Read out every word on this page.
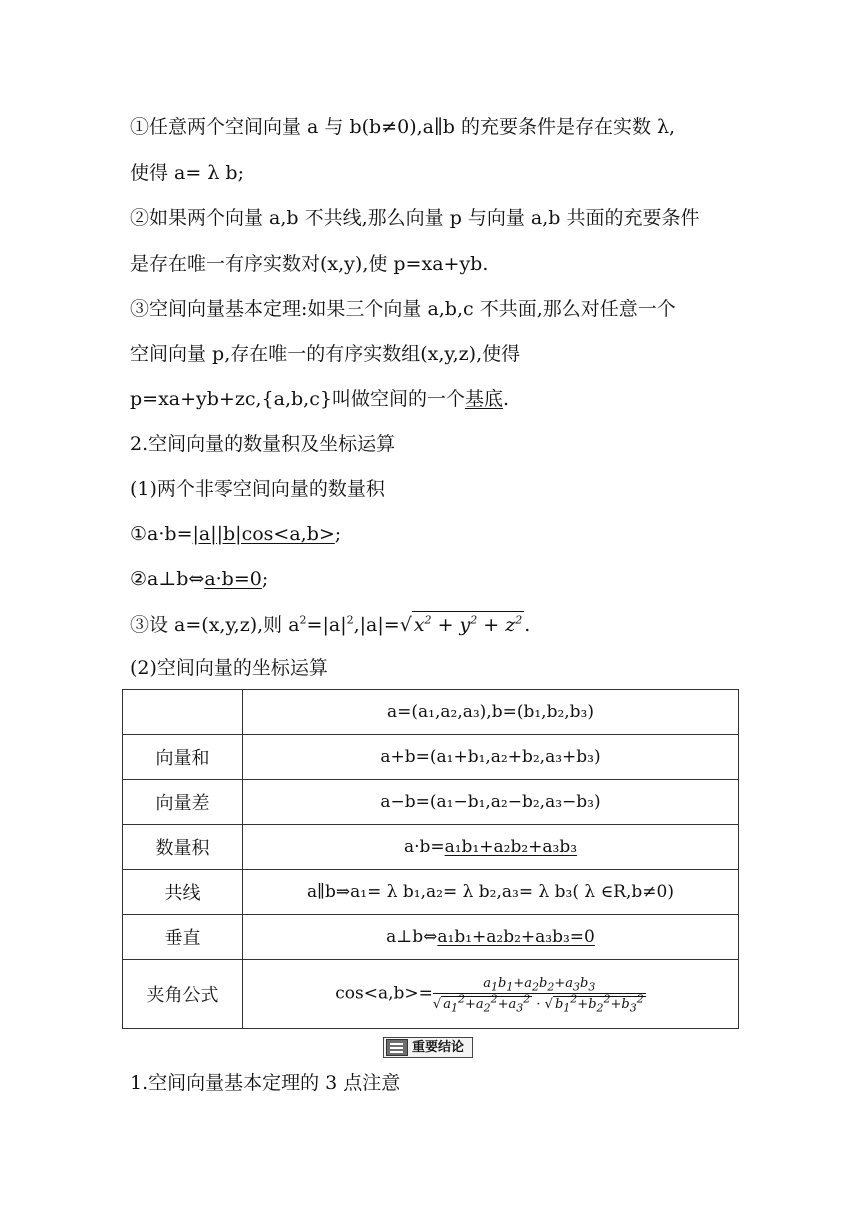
①任意两个空间向量 a 与 b(b≠0),a∥b 的充要条件是存在实数 λ,
使得 a= λ b;
②如果两个向量 a,b 不共线,那么向量 p 与向量 a,b 共面的充要条件
是存在唯一有序实数对(x,y),使 p=xa+yb.
③空间向量基本定理:如果三个向量 a,b,c 不共面,那么对任意一个
空间向量 p,存在唯一的有序实数组(x,y,z),使得
p=xa+yb+zc,{a,b,c}叫做空间的一个基底.
2.空间向量的数量积及坐标运算
(1)两个非零空间向量的数量积
①a·b=|a||b|cos<a,b>;
②a⊥b⇔a·b=0;
③设 a=(x,y,z),则 $a^2=|a|^2,|a|=√$ $x^2 + y^2 + z^2$ .
(2)空间向量的坐标运算
	a=(a₁,a₂,a₃),b=(b₁,b₂,b₃)
向量和	a+b=(a₁+b₁,a₂+b₂,a₃+b₃)
向量差	a−b=(a₁−b₁,a₂−b₂,a₃−b₃)
数量积	a·b=a₁b₁+a₂b₂+a₃b₃
共线	a∥b⇒a₁= λ b₁,a₂= λ b₂,a₃= λ b₃( λ ∈R,b≠0)
垂直	a⊥b⇔a₁b₁+a₂b₂+a₃b₃=0
夹角公式	$\cos<a,b>= \frac{a_1b_1+a_2b_2+a_3b_3}{√ a_1^2+a_2^2+a_3^2 \cdot √ b_1^2+b_2^2+b_3^2}$
重要结论
1.空间向量基本定理的 3 点注意
